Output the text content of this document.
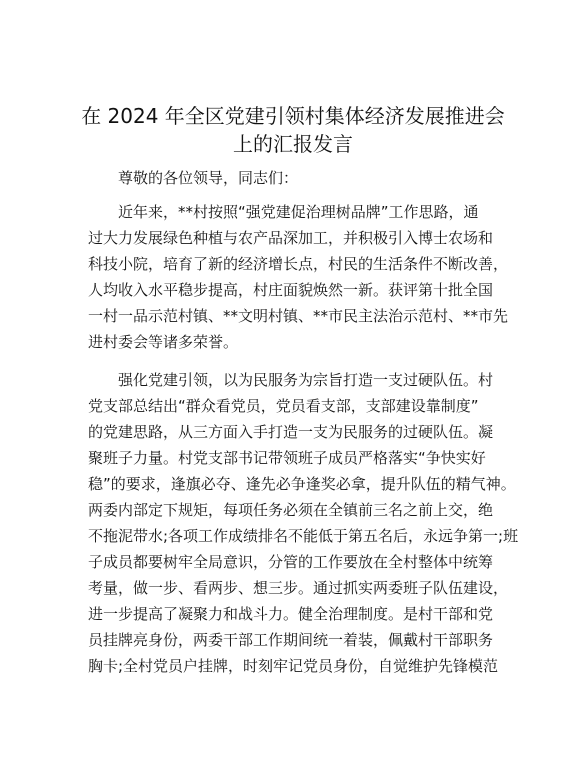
在 2024 年全区党建引领村集体经济发展推进会
上的汇报发言
尊敬的各位领导，同志们：
近年来，**村按照“强党建促治理树品牌”工作思路，通
过大力发展绿色种植与农产品深加工，并积极引入博士农场和
科技小院，培育了新的经济增长点，村民的生活条件不断改善，
人均收入水平稳步提高，村庄面貌焕然一新。获评第十批全国
一村一品示范村镇、**文明村镇、**市民主法治示范村、**市先
进村委会等诸多荣誉。
强化党建引领，以为民服务为宗旨打造一支过硬队伍。村
党支部总结出“群众看党员，党员看支部，支部建设靠制度”
的党建思路，从三方面入手打造一支为民服务的过硬队伍。凝
聚班子力量。村党支部书记带领班子成员严格落实“争快实好
稳”的要求，逢旗必夺、逢先必争逢奖必拿，提升队伍的精气神。
两委内部定下规矩，每项任务必须在全镇前三名之前上交，绝
不拖泥带水;各项工作成绩排名不能低于第五名后，永远争第一;班
子成员都要树牢全局意识，分管的工作要放在全村整体中统筹
考量，做一步、看两步、想三步。通过抓实两委班子队伍建设，
进一步提高了凝聚力和战斗力。健全治理制度。是村干部和党
员挂牌亮身份，两委干部工作期间统一着装，佩戴村干部职务
胸卡;全村党员户挂牌，时刻牢记党员身份，自觉维护先锋模范
